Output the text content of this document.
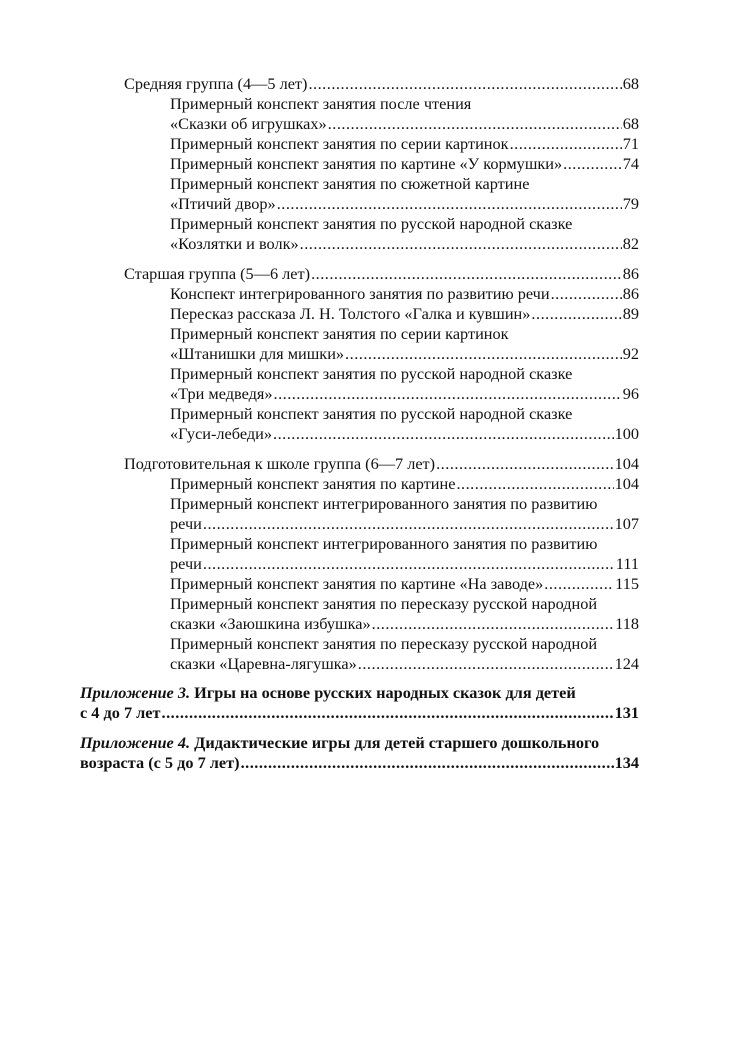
Средняя группа (4—5 лет) .....	68
Примерный конспект занятия после чтения
«Сказки об игрушках» .....	68
Примерный конспект занятия по серии картинок .....	71
Примерный конспект занятия по картине «У кормушки» .....	74
Примерный конспект занятия по сюжетной картине
«Птичий двор» .....	79
Примерный конспект занятия по русской народной сказке
«Козлятки и волк» .....	82
Старшая группа (5—6 лет) .....	86
Конспект интегрированного занятия по развитию речи .....	86
Пересказ рассказа Л. Н. Толстого «Галка и кувшин» .....	89
Примерный конспект занятия по серии картинок
«Штанишки для мишки» .....	92
Примерный конспект занятия по русской народной сказке
«Три медведя» .....	96
Примерный конспект занятия по русской народной сказке
«Гуси-лебеди» .....	100
Подготовительная к школе группа (6—7 лет) .....	104
Примерный конспект занятия по картине .....	104
Примерный конспект интегрированного занятия по развитию
речи .....	107
Примерный конспект интегрированного занятия по развитию
речи .....	111
Примерный конспект занятия по картине «На заводе» .....	115
Примерный конспект занятия по пересказу русской народной
сказки «Заюшкина избушка» .....	118
Примерный конспект занятия по пересказу русской народной
сказки «Царевна-лягушка» .....	124
Приложение 3. Игры на основе русских народных сказок для детей
с 4 до 7 лет .....	131
Приложение 4. Дидактические игры для детей старшего дошкольного
возраста (с 5 до 7 лет) .....	134
